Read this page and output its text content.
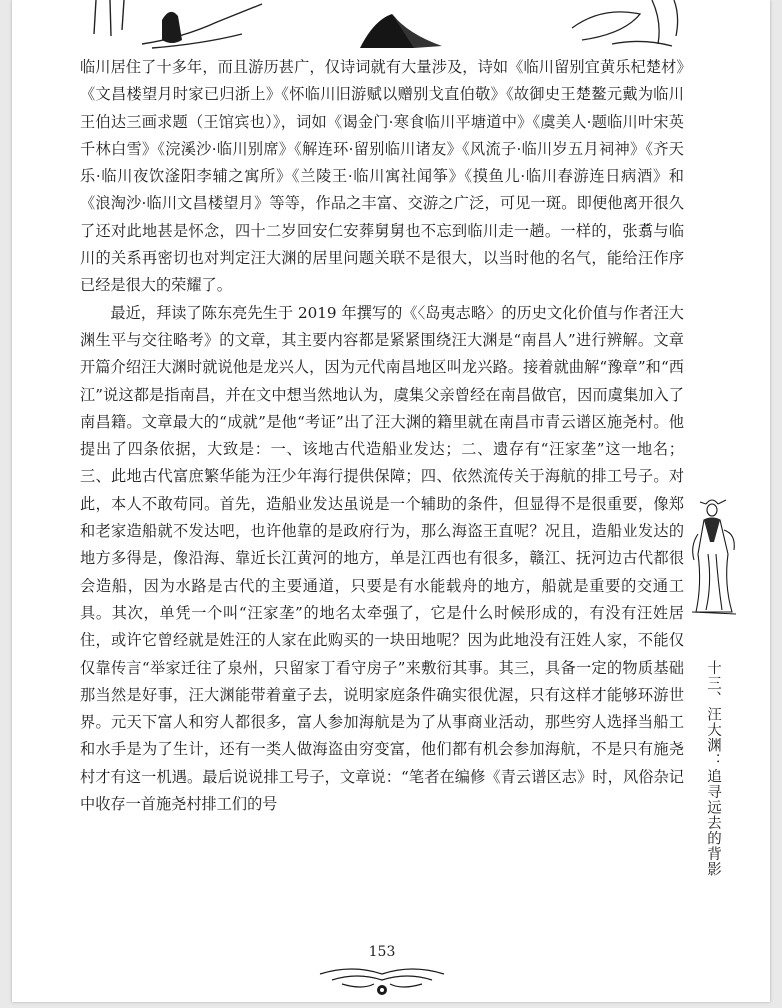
临川居住了十多年，而且游历甚广，仅诗词就有大量涉及，诗如《临川留别宜黄乐杞楚材》《文昌楼望月时家已归浙上》《怀临川旧游赋以赠别戈直伯敬》《故御史王楚鳌元戴为临川王伯达三画求题（王馆宾也）》，词如《谒金门·寒食临川平塘道中》《虞美人·题临川叶宋英千林白雪》《浣溪沙·临川别席》《解连环·留别临川诸友》《风流子·临川岁五月祠神》《齐天乐·临川夜饮滏阳李辅之寓所》《兰陵王·临川寓社闻筝》《摸鱼儿·临川春游连日病酒》和《浪淘沙·临川文昌楼望月》等等，作品之丰富、交游之广泛，可见一斑。即便他离开很久了还对此地甚是怀念，四十二岁回安仁安葬舅舅也不忘到临川走一趟。一样的，张翥与临川的关系再密切也对判定汪大渊的居里问题关联不是很大，以当时他的名气，能给汪作序已经是很大的荣耀了。

最近，拜读了陈东亮先生于 2019 年撰写的《〈岛夷志略〉的历史文化价值与作者汪大渊生平与交往略考》的文章，其主要内容都是紧紧围绕汪大渊是“南昌人”进行辨解。文章开篇介绍汪大渊时就说他是龙兴人，因为元代南昌地区叫龙兴路。接着就曲解“豫章”和“西江”说这都是指南昌，并在文中想当然地认为，虞集父亲曾经在南昌做官，因而虞集加入了南昌籍。文章最大的“成就”是他“考证”出了汪大渊的籍里就在南昌市青云谱区施尧村。他提出了四条依据，大致是：一、该地古代造船业发达；二、遗存有“汪家垄”这一地名；三、此地古代富庶繁华能为汪少年海行提供保障；四、依然流传关于海航的排工号子。对此，本人不敢苟同。首先，造船业发达虽说是一个辅助的条件，但显得不是很重要，像郑和老家造船就不发达吧，也许他靠的是政府行为，那么海盗王直呢？况且，造船业发达的地方多得是，像沿海、靠近长江黄河的地方，单是江西也有很多，赣江、抚河边古代都很会造船，因为水路是古代的主要通道，只要是有水能载舟的地方，船就是重要的交通工具。其次，单凭一个叫“汪家垄”的地名太牵强了，它是什么时候形成的，有没有汪姓居住，或许它曾经就是姓汪的人家在此购买的一块田地呢？因为此地没有汪姓人家，不能仅仅靠传言“举家迁往了泉州，只留家丁看守房子”来敷衍其事。其三，具备一定的物质基础那当然是好事，汪大渊能带着童子去，说明家庭条件确实很优渥，只有这样才能够环游世界。元天下富人和穷人都很多，富人参加海航是为了从事商业活动，那些穷人选择当船工和水手是为了生计，还有一类人做海盗由穷变富，他们都有机会参加海航，不是只有施尧村才有这一机遇。最后说说排工号子，文章说：“笔者在编修《青云谱区志》时，风俗杂记中收存一首施尧村排工们的号	十三、汪大渊：追寻远去的背影
153
